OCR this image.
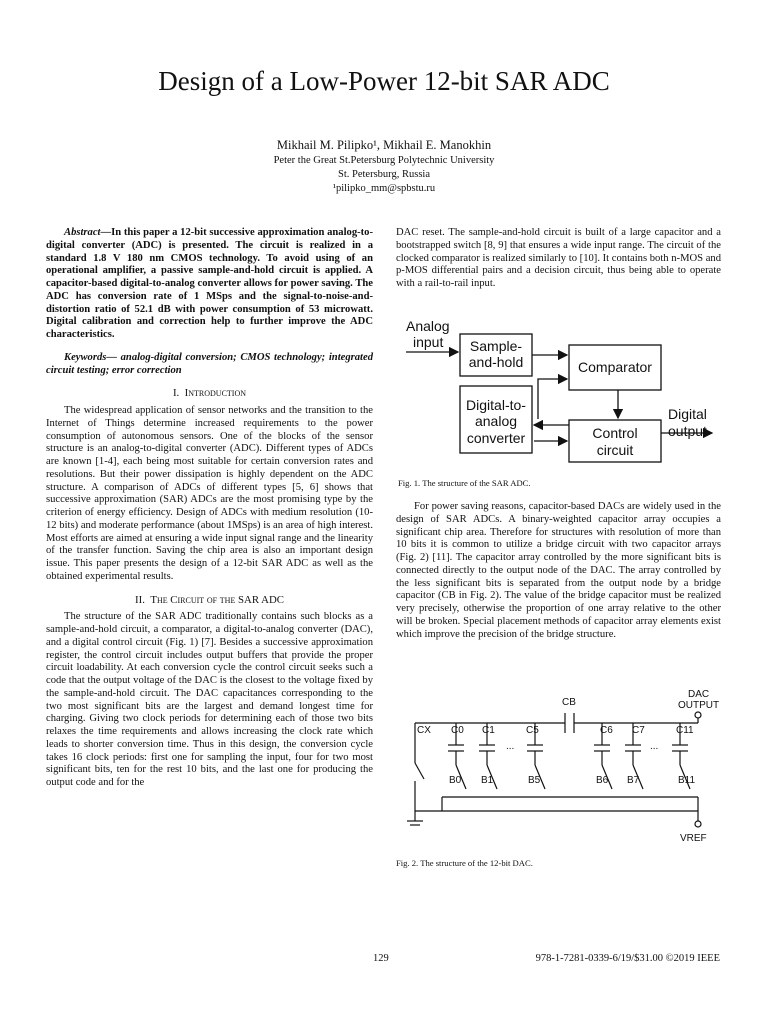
Design of a Low-Power 12-bit SAR ADC
Mikhail M. Pilipko¹, Mikhail E. Manokhin
Peter the Great St.Petersburg Polytechnic University
St. Petersburg, Russia
¹pilipko_mm@spbstu.ru

Abstract—In this paper a 12-bit successive approximation analog-to-digital converter (ADC) is presented. The circuit is realized in a standard 1.8 V 180 nm CMOS technology. To avoid using of an operational amplifier, a passive sample-and-hold circuit is applied. A capacitor-based digital-to-analog converter allows for power saving. The ADC has conversion rate of 1 MSps and the signal-to-noise-and-distortion ratio of 52.1 dB with power consumption of 53 microwatt. Digital calibration and correction help to further improve the ADC characteristics.

Keywords— analog-digital conversion; CMOS technology; integrated circuit testing; error correction

I. Introduction

The widespread application of sensor networks and the transition to the Internet of Things determine increased requirements to the power consumption of autonomous sensors. One of the blocks of the sensor structure is an analog-to-digital converter (ADC). Different types of ADCs are known [1-4], each being most suitable for certain conversion rates and resolutions. But their power dissipation is highly dependent on the ADC structure. A comparison of ADCs of different types [5, 6] shows that successive approximation (SAR) ADCs are the most promising type by the criterion of energy efficiency. Design of ADCs with medium resolution (10-12 bits) and moderate performance (about 1MSps) is an area of high interest. Most efforts are aimed at ensuring a wide input signal range and the linearity of the transfer function. Saving the chip area is also an important design issue. This paper presents the design of a 12-bit SAR ADC as well as the obtained experimental results.

II. The Circuit of the SAR ADC

The structure of the SAR ADC traditionally contains such blocks as a sample-and-hold circuit, a comparator, a digital-to-analog converter (DAC), and a digital control circuit (Fig. 1) [7]. Besides a successive approximation register, the control circuit includes output buffers that provide the proper circuit loadability. At each conversion cycle the control circuit seeks such a code that the output voltage of the DAC is the closest to the voltage fixed by the sample-and-hold circuit. The DAC capacitances corresponding to the two most significant bits are the largest and demand longest time for charging. Giving two clock periods for determining each of those two bits relaxes the time requirements and allows increasing the clock rate which leads to shorter conversion time. Thus in this design, the conversion cycle takes 16 clock periods: first one for sampling the input, four for two most significant bits, ten for the rest 10 bits, and the last one for producing the output code and for the

DAC reset. The sample-and-hold circuit is built of a large capacitor and a bootstrapped switch [8, 9] that ensures a wide input range. The circuit of the clocked comparator is realized similarly to [10]. It contains both n-MOS and p-MOS differential pairs and a decision circuit, thus being able to operate with a rail-to-rail input.

Analog
input Sample-
and-hold	Comparator
Digital-to-
analog
converter	Control
circuit
Digital
output
Fig. 1. The structure of the SAR ADC.

For power saving reasons, capacitor-based DACs are widely used in the design of SAR ADCs. A binary-weighted capacitor array occupies a significant chip area. Therefore for structures with resolution of more than 10 bits it is common to utilize a bridge circuit with two capacitor arrays (Fig. 2) [11]. The capacitor array controlled by the more significant bits is connected directly to the output node of the DAC. The array controlled by the less significant bits is separated from the output node by a bridge capacitor (CB in Fig. 2). The value of the bridge capacitor must be realized very precisely, otherwise the proportion of one array relative to the other will be broken. Special placement methods of capacitor array elements exist which improve the precision of the bridge structure.

DAC
OUTPUT
CB
CX C0 C1	C5	C6 C7	C11
B0 B1	B5	B6 B7	B11
...	...
VREF
Fig. 2. The structure of the 12-bit DAC.
129	978-1-7281-0339-6/19/$31.00 ©2019 IEEE
